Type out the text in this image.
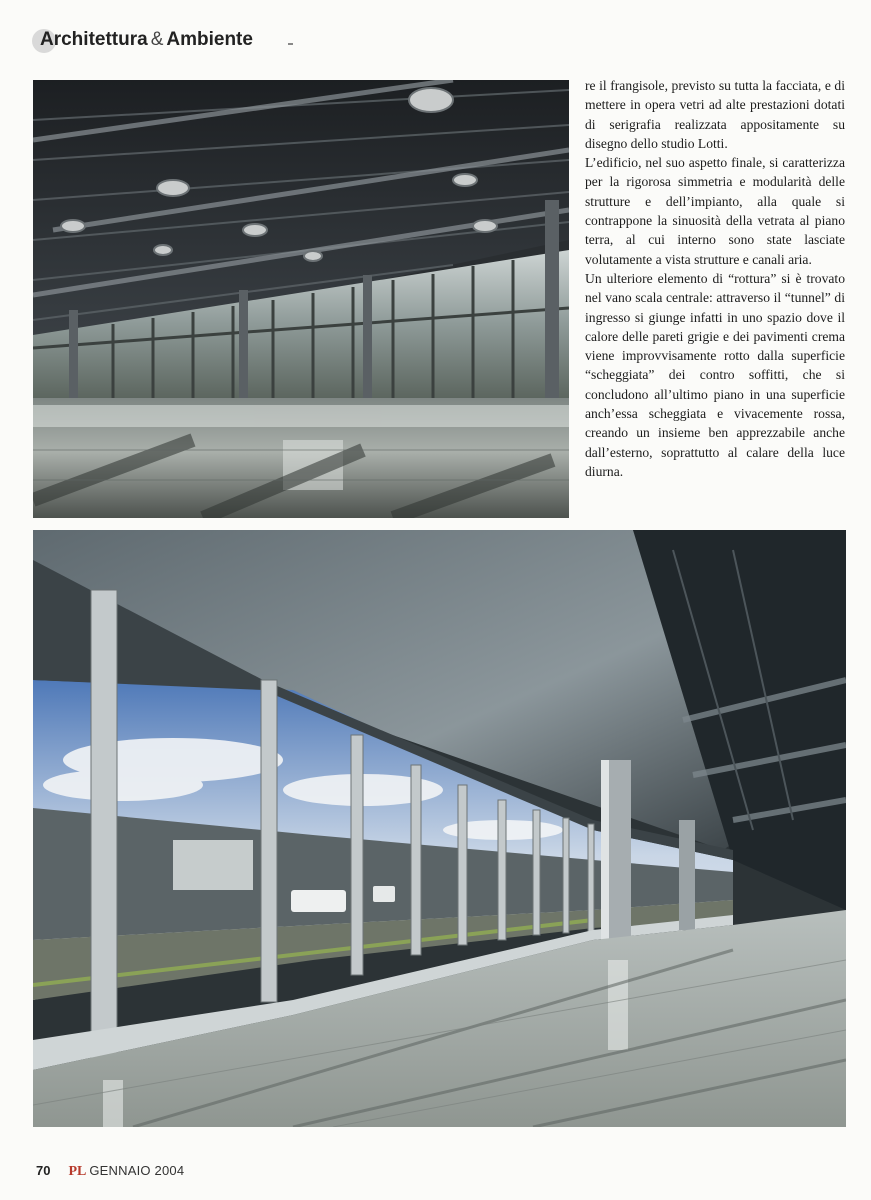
Architettura & Ambiente

re il frangisole, previsto su tutta la facciata, e di mettere in opera vetri ad alte prestazioni dotati di serigrafia realizzata appositamente su disegno dello studio Lotti.

L’edificio, nel suo aspetto finale, si caratterizza per la rigorosa simmetria e modularità delle strutture e dell’impianto, alla quale si contrappone la sinuosità della vetrata al piano terra, al cui interno sono state lasciate volutamente a vista strutture e canali aria.

Un ulteriore elemento di “rottura” si è trovato nel vano scala centrale: attraverso il “tunnel” di ingresso si giunge infatti in uno spazio dove il calore delle pareti grigie e dei pavimenti crema viene improvvisamente rotto dalla superficie “scheggiata” dei contro soffitti, che si concludono all’ultimo piano in una superficie anch’essa scheggiata e vivacemente rossa, creando un insieme ben apprezzabile anche dall’esterno, soprattutto al calare della luce diurna.

70 PL GENNAIO 2004
